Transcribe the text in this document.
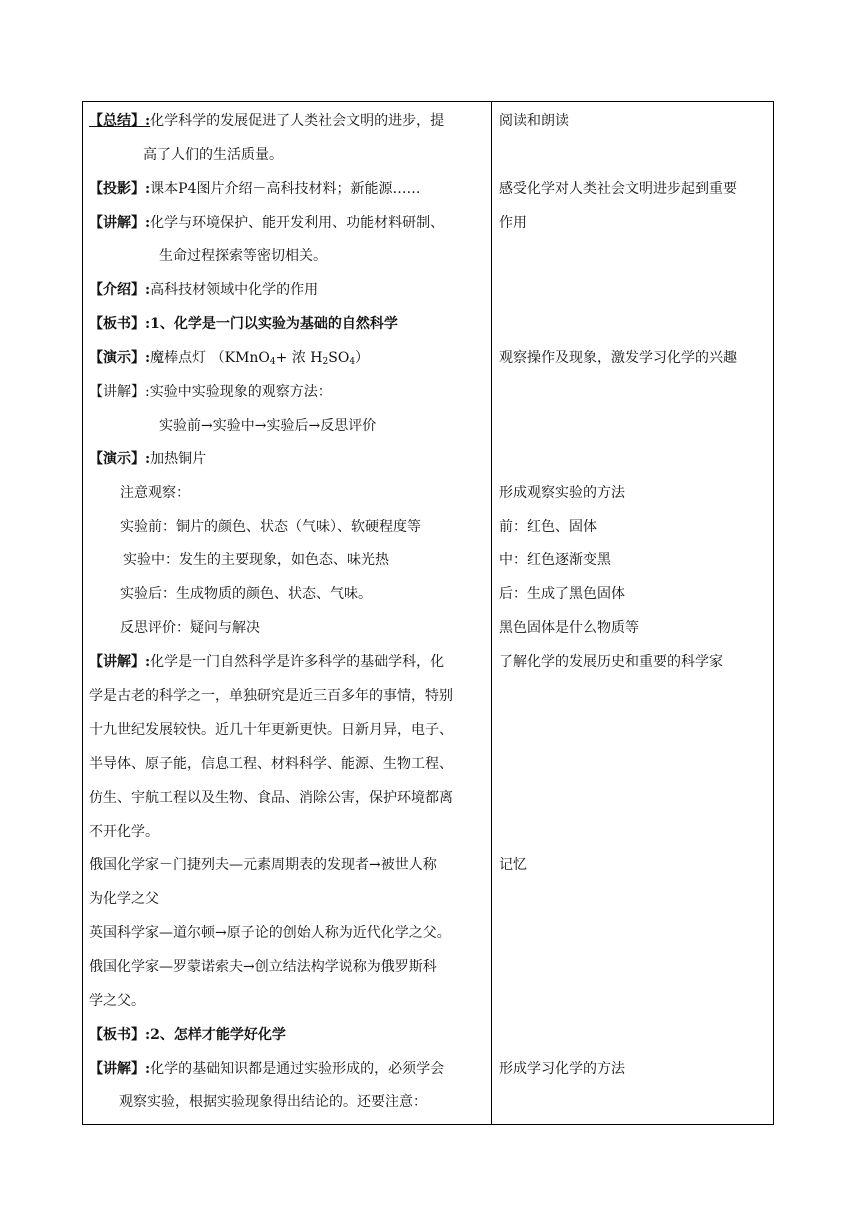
【总结】:化学科学的发展促进了人类社会文明的进步，提
高了人们的生活质量。
【投影】:课本P4图片介绍－高科技材料；新能源……
【讲解】:化学与环境保护、能开发利用、功能材料研制、
生命过程探索等密切相关。
【介绍】:高科技材领域中化学的作用
【板书】:1、化学是一门以实验为基础的自然科学
【演示】:魔棒点灯 （KMnO$_4$+ 浓 $H_2SO_4$）
【讲解】:实验中实验现象的观察方法：
实验前→实验中→实验后→反思评价
【演示】:加热铜片
注意观察：
实验前：铜片的颜色、状态（气味）、软硬程度等
实验中：发生的主要现象，如色态、味光热
实验后：生成物质的颜色、状态、气味。
反思评价：疑问与解决
【讲解】:化学是一门自然科学是许多科学的基础学科，化
学是古老的科学之一，单独研究是近三百多年的事情，特别
十九世纪发展较快。近几十年更新更快。日新月异，电子、
半导体、原子能，信息工程、材料科学、能源、生物工程、
仿生、宇航工程以及生物、食品、消除公害，保护环境都离
不开化学。
俄国化学家－门捷列夫—元素周期表的发现者→被世人称
为化学之父
英国科学家—道尔顿→原子论的创始人称为近代化学之父。
俄国化学家—罗蒙诺索夫→创立结法构学说称为俄罗斯科
学之父。
【板书】:2、怎样才能学好化学
【讲解】:化学的基础知识都是通过实验形成的，必须学会
观察实验，根据实验现象得出结论的。还要注意：
阅读和朗读
感受化学对人类社会文明进步起到重要
作用
观察操作及现象，激发学习化学的兴趣
形成观察实验的方法
前：红色、固体
中：红色逐渐变黑
后：生成了黑色固体
黑色固体是什么物质等
了解化学的发展历史和重要的科学家
记忆
形成学习化学的方法
